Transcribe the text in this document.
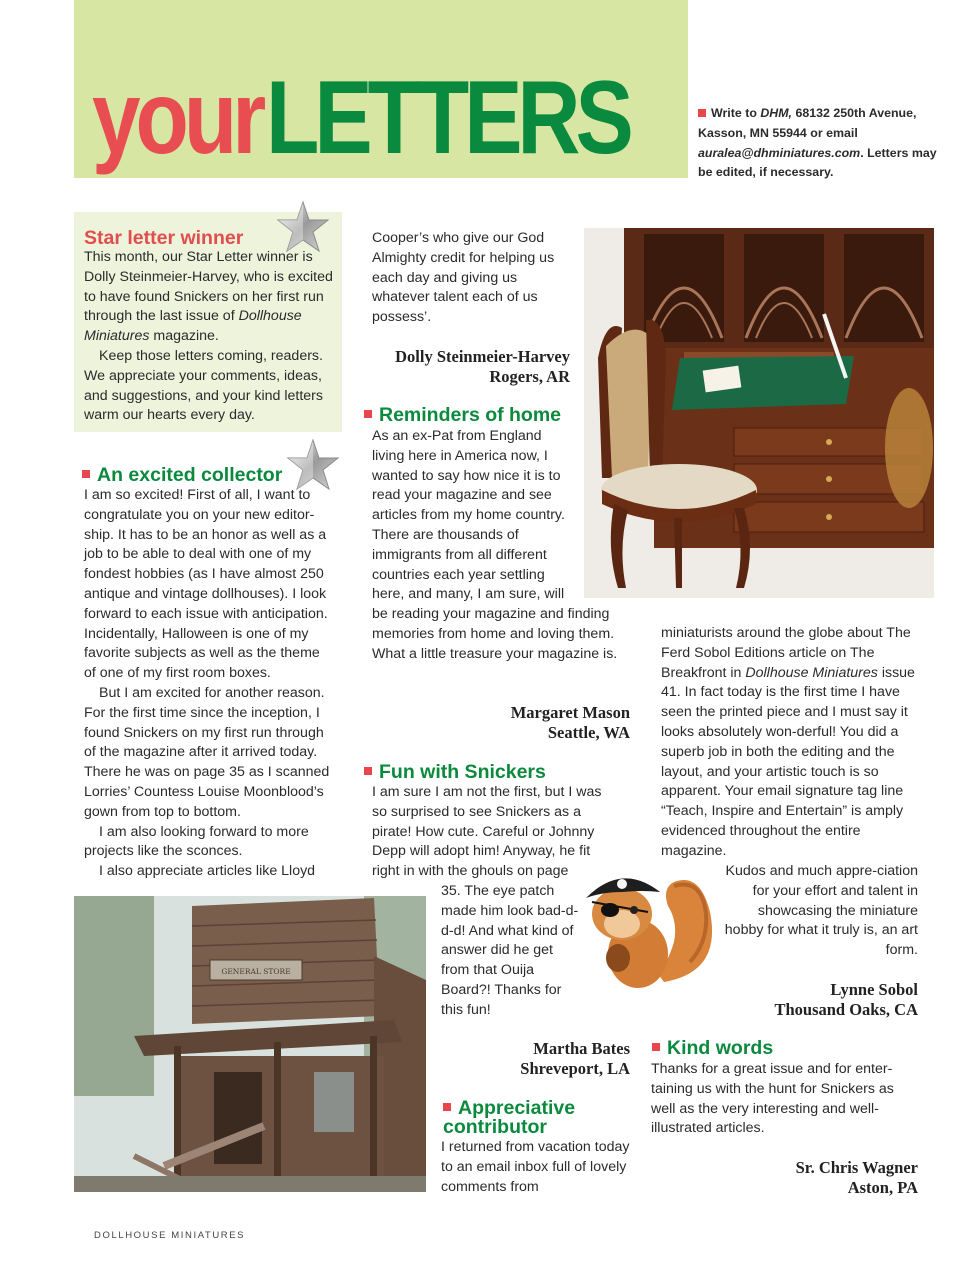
your LETTERS	Write to DHM, 68132 250th Avenue, Kasson, MN 55944 or email auralea@dhminiatures.com. Letters may be edited, if necessary.
Star letter winner

This month, our Star Letter winner is Dolly Steinmeier-Harvey, who is excited to have found Snickers on her first run through the last issue of Dollhouse Miniatures magazine.

Keep those letters coming, readers. We appreciate your comments, ideas, and suggestions, and your kind letters warm our hearts every day.

An excited collector

I am so excited! First of all, I want to congratulate you on your new editor-ship. It has to be an honor as well as a job to be able to deal with one of my fondest hobbies (as I have almost 250 antique and vintage dollhouses). I look forward to each issue with anticipation. Incidentally, Halloween is one of my favorite subjects as well as the theme of one of my first room boxes.

But I am excited for another reason. For the first time since the inception, I found Snickers on my first run through of the magazine after it arrived today. There he was on page 35 as I scanned Lorries’ Countess Louise Moonblood’s gown from top to bottom.

I am also looking forward to more projects like the sconces.

I also appreciate articles like Lloyd

Cooper’s who give our God Almighty credit for helping us each day and giving us whatever talent each of us possess’.
Dolly Steinmeier-Harvey
Rogers, AR
Reminders of home

As an ex-Pat from England living here in America now, I wanted to say how nice it is to read your magazine and see articles from my home country. There are thousands of immigrants from all different countries each year settling here, and many, I am sure, will be reading your magazine and finding memories from home and loving them. What a little treasure your magazine is.

Margaret Mason
Seattle, WA
GENERAL STORE
Fun with Snickers
I am sure I am not the first, but I was so surprised to see Snickers as a pirate! How cute. Careful or Johnny Depp will adopt him! Anyway, he fit right in with the ghouls on page
35. The eye patch made him look bad-d-d-d! And what kind of answer did he get from that Ouija Board?! Thanks for this fun!
Martha Bates
Shreveport, LA
Appreciative
contributor
I returned from vacation today to an email inbox full of lovely comments from

miniaturists around the globe about The Ferd Sobol Editions article on The Breakfront in Dollhouse Miniatures issue 41. In fact today is the first time I have seen the printed piece and I must say it looks absolutely won-derful! You did a superb job in both the editing and the layout, and your artistic touch is so apparent. Your email signature tag line “Teach, Inspire and Entertain” is amply evidenced throughout the entire magazine.

Kudos and much appre-ciation for your effort and talent in showcasing the miniature hobby for what it truly is, an art form.
Lynne Sobol
Thousand Oaks, CA
Kind words
Thanks for a great issue and for enter-taining us with the hunt for Snickers as well as the very interesting and well-illustrated articles.
Sr. Chris Wagner
Aston, PA
DOLLHOUSE MINIATURES
